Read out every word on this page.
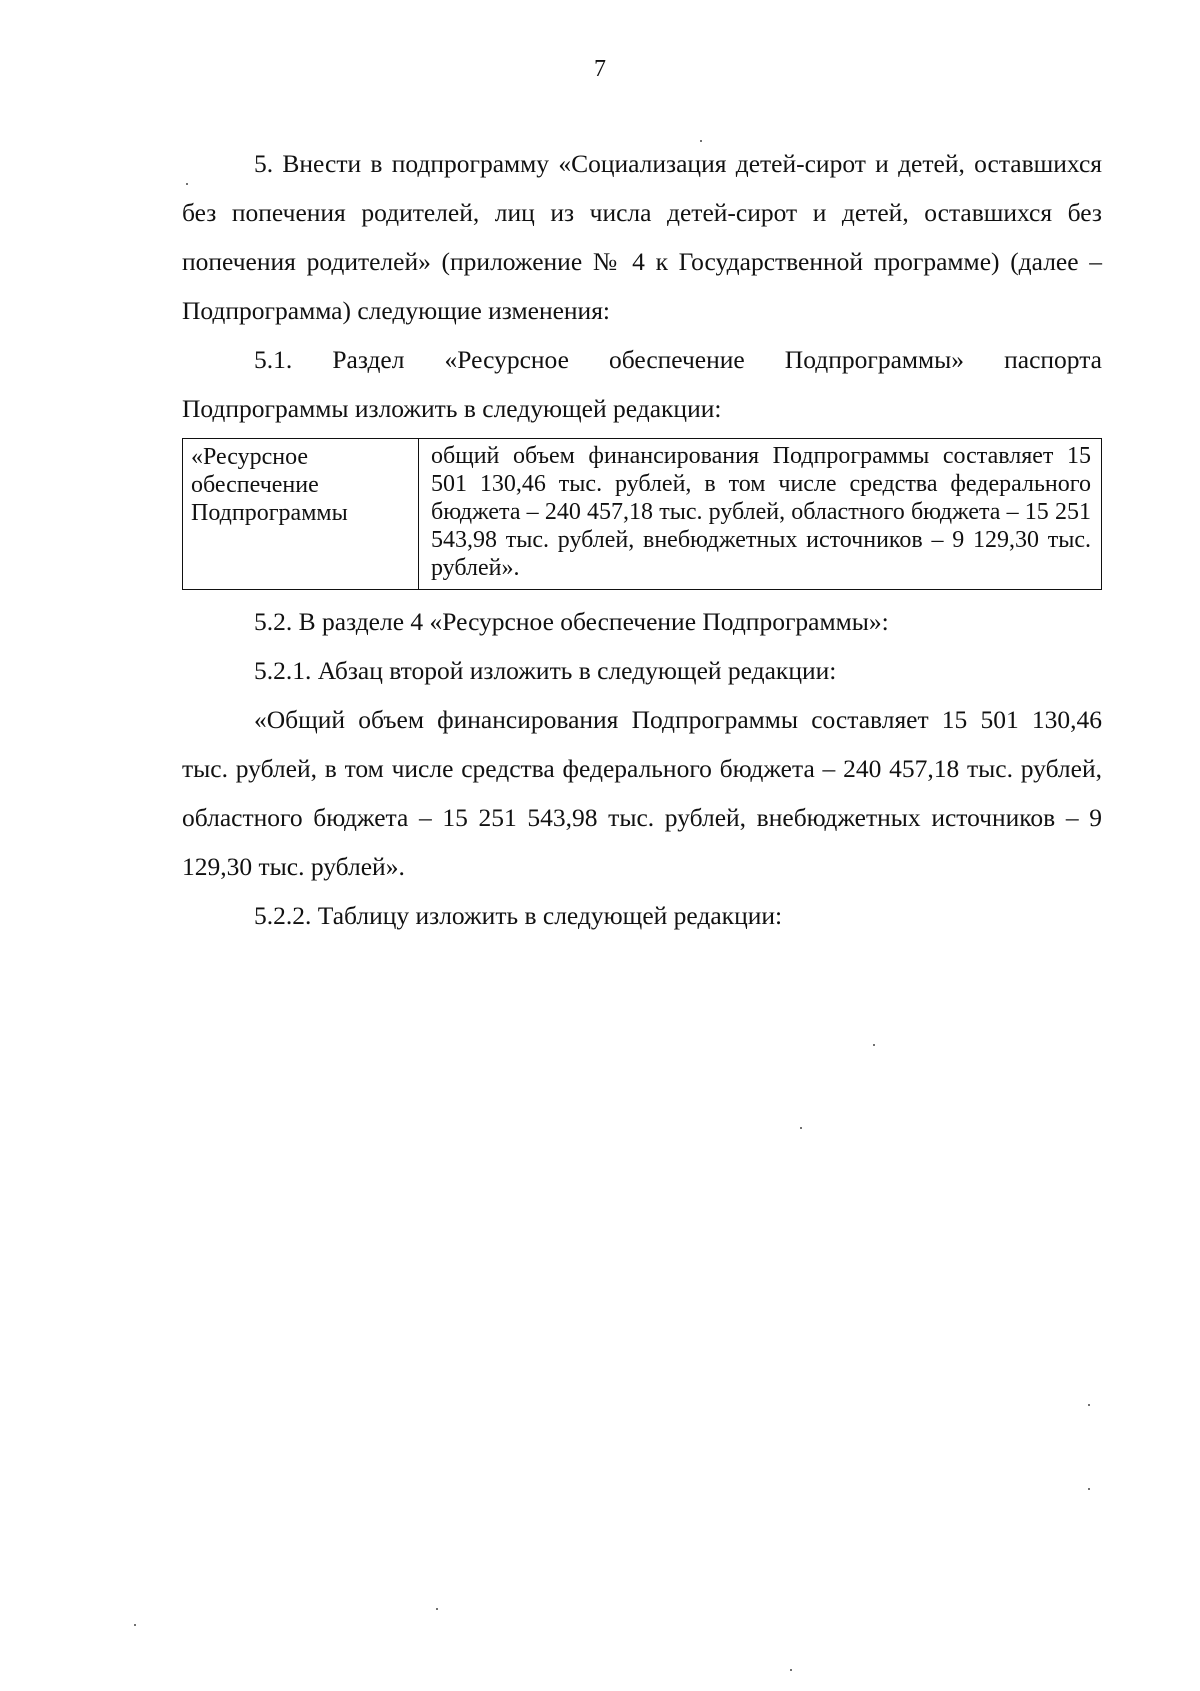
7
5. Внести в подпрограмму «Социализация детей-сирот и детей, оставшихся без попечения родителей, лиц из числа детей-сирот и детей, оставшихся без попечения родителей» (приложение № 4 к Государственной программе) (далее – Подпрограмма) следующие изменения:
5.1. Раздел «Ресурсное обеспечение Подпрограммы» паспорта Подпрограммы изложить в следующей редакции:
«Ресурсное
обеспечение
Подпрограммы
общий объем финансирования Подпрограммы составляет 15 501 130,46 тыс. рублей, в том числе средства федерального бюджета – 240 457,18 тыс. рублей, областного бюджета – 15 251 543,98 тыс. рублей, внебюджетных источников – 9 129,30 тыс. рублей».
5.2. В разделе 4 «Ресурсное обеспечение Подпрограммы»:
5.2.1. Абзац второй изложить в следующей редакции:
«Общий объем финансирования Подпрограммы составляет 15 501 130,46 тыс. рублей, в том числе средства федерального бюджета – 240 457,18 тыс. рублей, областного бюджета – 15 251 543,98 тыс. рублей, внебюджетных источников – 9 129,30 тыс. рублей».
5.2.2. Таблицу изложить в следующей редакции:
